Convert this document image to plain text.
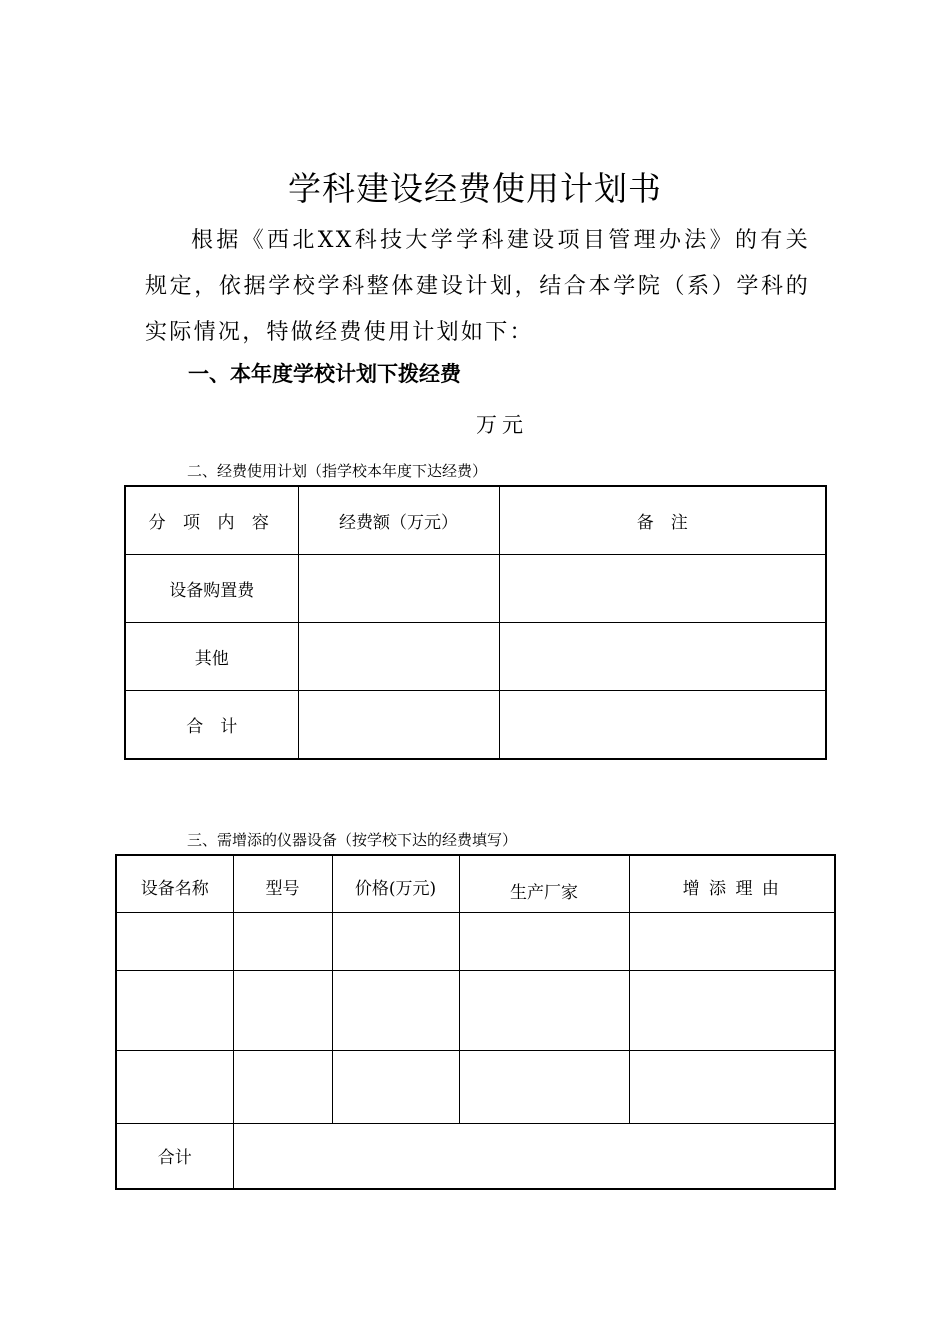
学科建设经费使用计划书
根据《西北XX科技大学学科建设项目管理办法》的有关规定，依据学校学科整体建设计划，结合本学院（系）学科的实际情况，特做经费使用计划如下：
一、本年度学校计划下拨经费
万元
二、经费使用计划（指学校本年度下达经费）
分 项 内 容	经费额（万元）	备　注
设备购置费		
其他		
合　计		
三、需增添的仪器设备（按学校下达的经费填写）
设备名称	型号	价格(万元)	生产厂家	增 添 理 由

合计				
